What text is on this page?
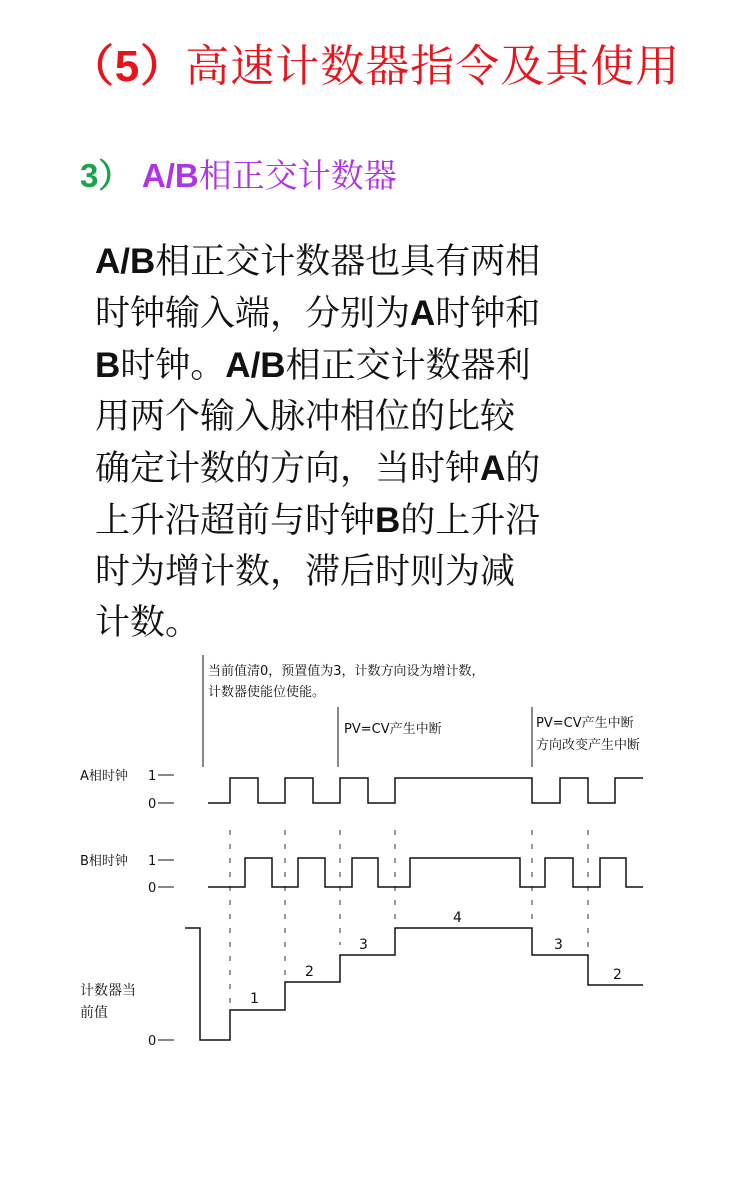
（5）高速计数器指令及其使用
3） A/B相正交计数器
A/B相正交计数器也具有两相
时钟输入端，分别为A时钟和
B时钟。A/B相正交计数器利
用两个输入脉冲相位的比较
确定计数的方向，当时钟A的
上升沿超前与时钟B的上升沿
时为增计数，滞后时则为减
计数。
当前值清0，预置值为3，计数方向设为增计数，
计数器使能位使能。
PV=CV产生中断	PV=CV产生中断
方向改变产生中断
A相时钟 1
0
B相时钟 1
0
计数器当
前值
0
1
2
3
4
3
2
